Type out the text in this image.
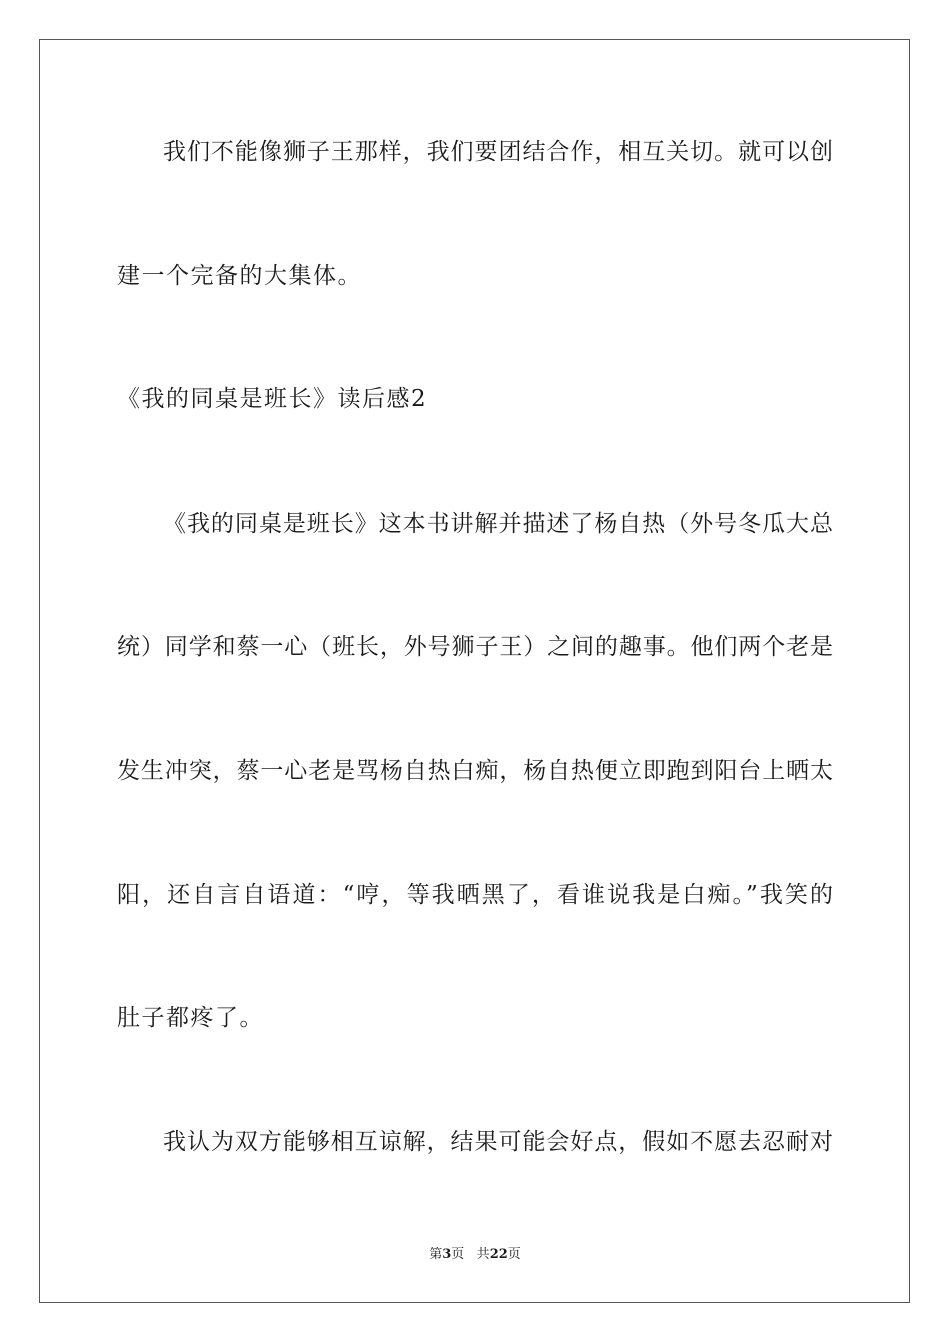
我们不能像狮子王那样，我们要团结合作，相互关切。就可以创
建一个完备的大集体。
《我的同桌是班长》读后感2
《我的同桌是班长》这本书讲解并描述了杨自热（外号冬瓜大总
统）同学和蔡一心（班长，外号狮子王）之间的趣事。他们两个老是
发生冲突，蔡一心老是骂杨自热白痴，杨自热便立即跑到阳台上晒太
阳，还自言自语道：“哼，等我晒黑了，看谁说我是白痴。”我笑的
肚子都疼了。
我认为双方能够相互谅解，结果可能会好点，假如不愿去忍耐对
第3页 共22页
